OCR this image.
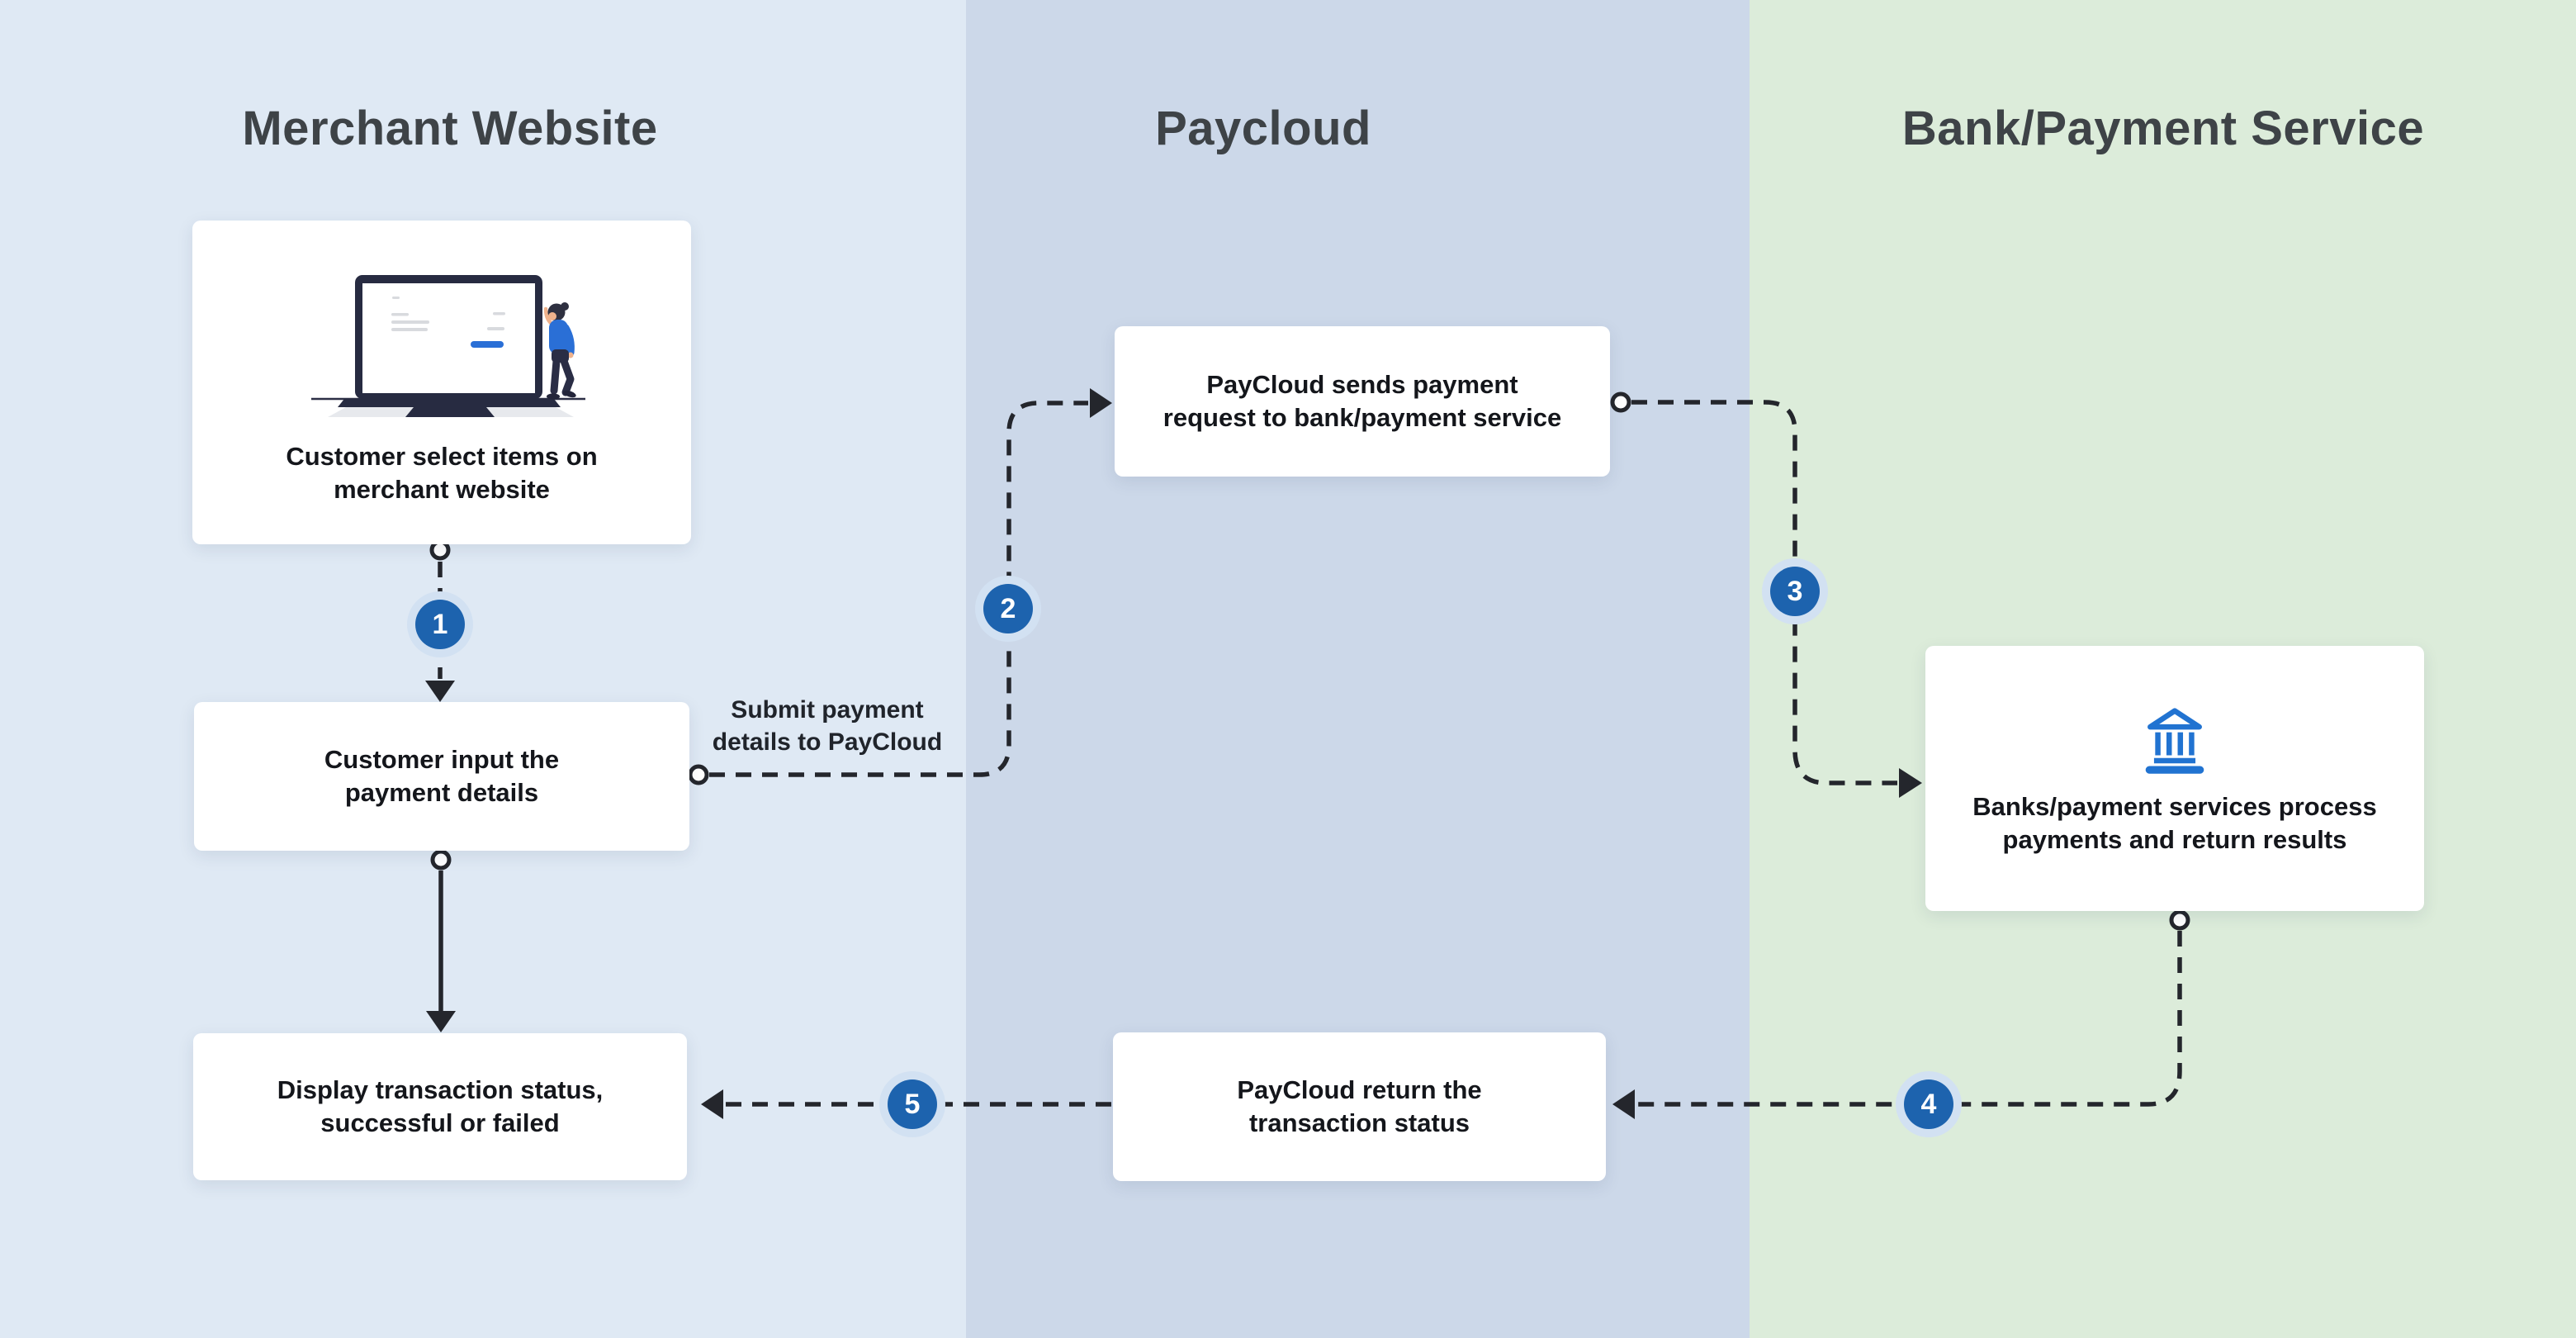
Merchant Website	Paycloud	Bank/Payment Service
Customer select items on
merchant website
Customer input the
payment details
Display transaction status,
successful or failed
PayCloud sends payment
request to bank/payment service
PayCloud return the
transaction status
Banks/payment services process
payments and return results
Submit payment
details to PayCloud
1	2
3
4
5
